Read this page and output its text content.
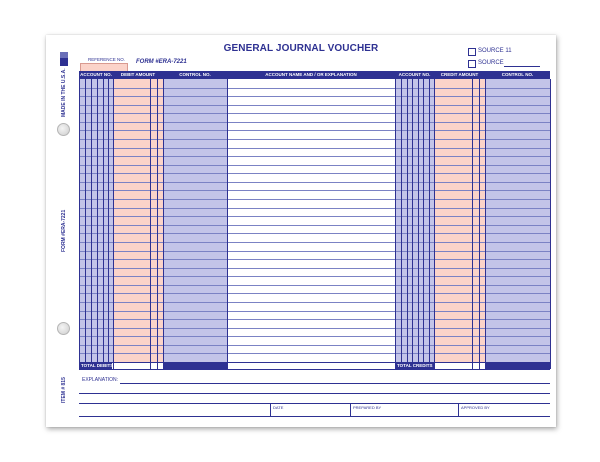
MADE IN THE U.S.A.
FORM #ERA-7221
ITEM # 815
GENERAL JOURNAL VOUCHER
REFERENCE NO. FORM #ERA-7221
SOURCE 11
SOURCE
ACCOUNT NO.	DEBIT AMOUNT	CONTROL NO.	ACCOUNT NAME AND / OR EXPLANATION	ACCOUNT NO.	CREDIT AMOUNT	CONTROL NO.
TOTAL DEBITS	TOTAL CREDITS
EXPLANATION:
DATE	PREPARED BY	APPROVED BY
